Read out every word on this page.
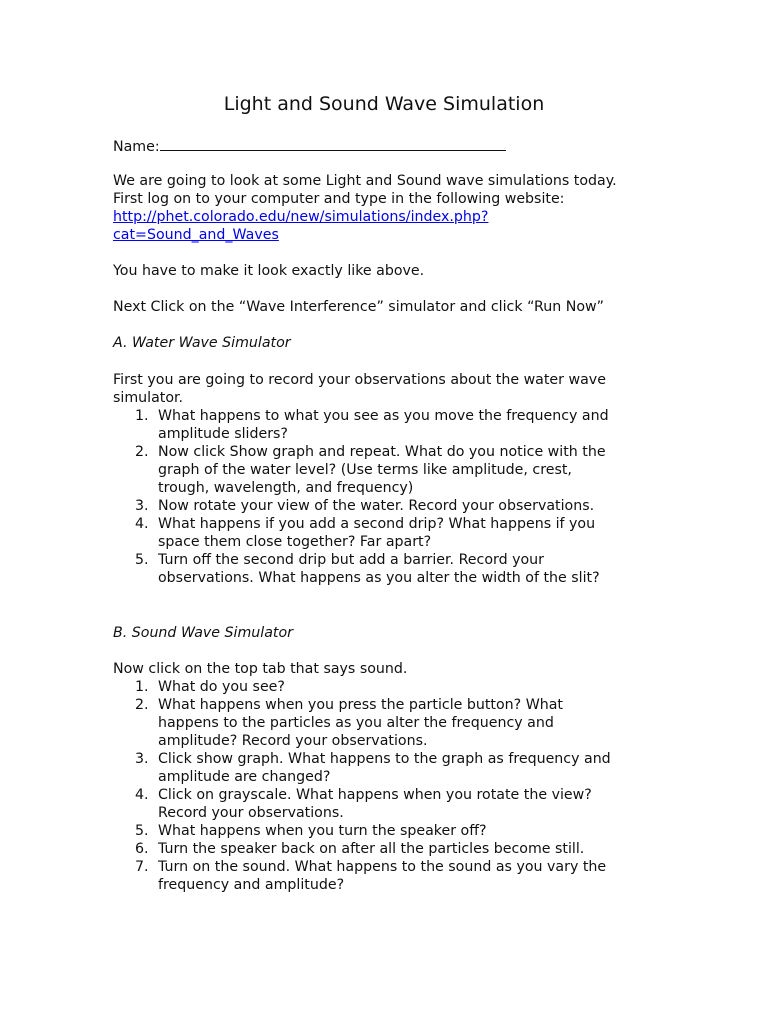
Light and Sound Wave Simulation
Name:
We are going to look at some Light and Sound wave simulations today.
First log on to your computer and type in the following website:
http://phet.colorado.edu/new/simulations/index.php?
cat=Sound_and_Waves
You have to make it look exactly like above.
Next Click on the “Wave Interference” simulator and click “Run Now”
A. Water Wave Simulator
First you are going to record your observations about the water wave
simulator.
1. What happens to what you see as you move the frequency and
amplitude sliders?
2. Now click Show graph and repeat. What do you notice with the
graph of the water level? (Use terms like amplitude, crest,
trough, wavelength, and frequency)
3. Now rotate your view of the water. Record your observations.
4. What happens if you add a second drip? What happens if you
space them close together? Far apart?
5. Turn off the second drip but add a barrier. Record your
observations. What happens as you alter the width of the slit?
B. Sound Wave Simulator
Now click on the top tab that says sound.
1. What do you see?
2. What happens when you press the particle button? What
happens to the particles as you alter the frequency and
amplitude? Record your observations.
3. Click show graph. What happens to the graph as frequency and
amplitude are changed?
4. Click on grayscale. What happens when you rotate the view?
Record your observations.
5. What happens when you turn the speaker off?
6. Turn the speaker back on after all the particles become still.
7. Turn on the sound. What happens to the sound as you vary the
frequency and amplitude?
